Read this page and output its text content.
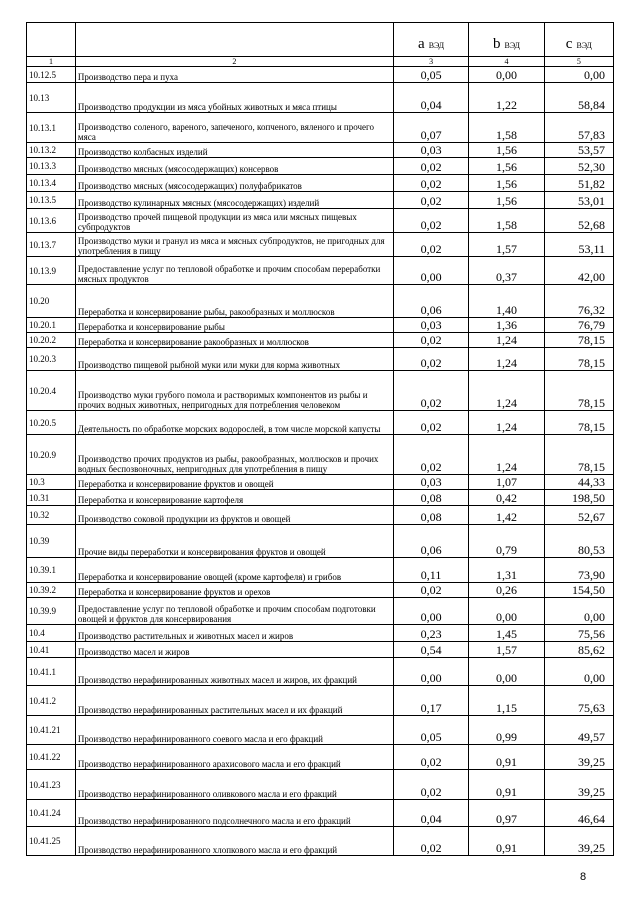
		a ВЭД	b ВЭД	c ВЭД
1	2	3	4	5
10.12.5	Производство пера и пуха	0,05	0,00	0,00
10.13	Производство продукции из мяса убойных животных и мяса птицы	0,04	1,22	58,84
10.13.1	Производство соленого, вареного, запеченого, копченого, вяленого и прочего мяса	0,07	1,58	57,83
10.13.2	Производство колбасных изделий	0,03	1,56	53,57
10.13.3	Производство мясных (мясосодержащих) консервов	0,02	1,56	52,30
10.13.4	Производство мясных (мясосодержащих) полуфабрикатов	0,02	1,56	51,82
10.13.5	Производство кулинарных мясных (мясосодержащих) изделий	0,02	1,56	53,01
10.13.6	Производство прочей пищевой продукции из мяса или мясных пищевых субпродуктов	0,02	1,58	52,68
10.13.7	Производство муки и гранул из мяса и мясных субпродуктов, не пригодных для употребления в пищу	0,02	1,57	53,11
10.13.9	Предоставление услуг по тепловой обработке и прочим способам переработки мясных продуктов	0,00	0,37	42,00
10.20	Переработка и консервирование рыбы, ракообразных и моллюсков	0,06	1,40	76,32
10.20.1	Переработка и консервирование рыбы	0,03	1,36	76,79
10.20.2	Переработка и консервирование ракообразных и моллюсков	0,02	1,24	78,15
10.20.3	Производство пищевой рыбной муки или муки для корма животных	0,02	1,24	78,15
10.20.4	Производство муки грубого помола и растворимых компонентов из рыбы и прочих водных животных, непригодных для потребления человеком	0,02	1,24	78,15
10.20.5	Деятельность по обработке морских водорослей, в том числе морской капусты	0,02	1,24	78,15
10.20.9	Производство прочих продуктов из рыбы, ракообразных, моллюсков и прочих водных беспозвоночных, непригодных для употребления в пищу	0,02	1,24	78,15
10.3	Переработка и консервирование фруктов и овощей	0,03	1,07	44,33
10.31	Переработка и консервирование картофеля	0,08	0,42	198,50
10.32	Производство соковой продукции из фруктов и овощей	0,08	1,42	52,67
10.39	Прочие виды переработки и консервирования фруктов и овощей	0,06	0,79	80,53
10.39.1	Переработка и консервирование овощей (кроме картофеля) и грибов	0,11	1,31	73,90
10.39.2	Переработка и консервирование фруктов и орехов	0,02	0,26	154,50
10.39.9	Предоставление услуг по тепловой обработке и прочим способам подготовки овощей и фруктов для консервирования	0,00	0,00	0,00
10.4	Производство растительных и животных масел и жиров	0,23	1,45	75,56
10.41	Производство масел и жиров	0,54	1,57	85,62
10.41.1	Производство нерафинированных животных масел и жиров, их фракций	0,00	0,00	0,00
10.41.2	Производство нерафинированных растительных масел и их фракций	0,17	1,15	75,63
10.41.21	Производство нерафинированного соевого масла и его фракций	0,05	0,99	49,57
10.41.22	Производство нерафинированного арахисового масла и его фракций	0,02	0,91	39,25
10.41.23	Производство нерафинированного оливкового масла и его фракций	0,02	0,91	39,25
10.41.24	Производство нерафинированного подсолнечного масла и его фракций	0,04	0,97	46,64
10.41.25	Производство нерафинированного хлопкового масла и его фракций	0,02	0,91	39,25
8
